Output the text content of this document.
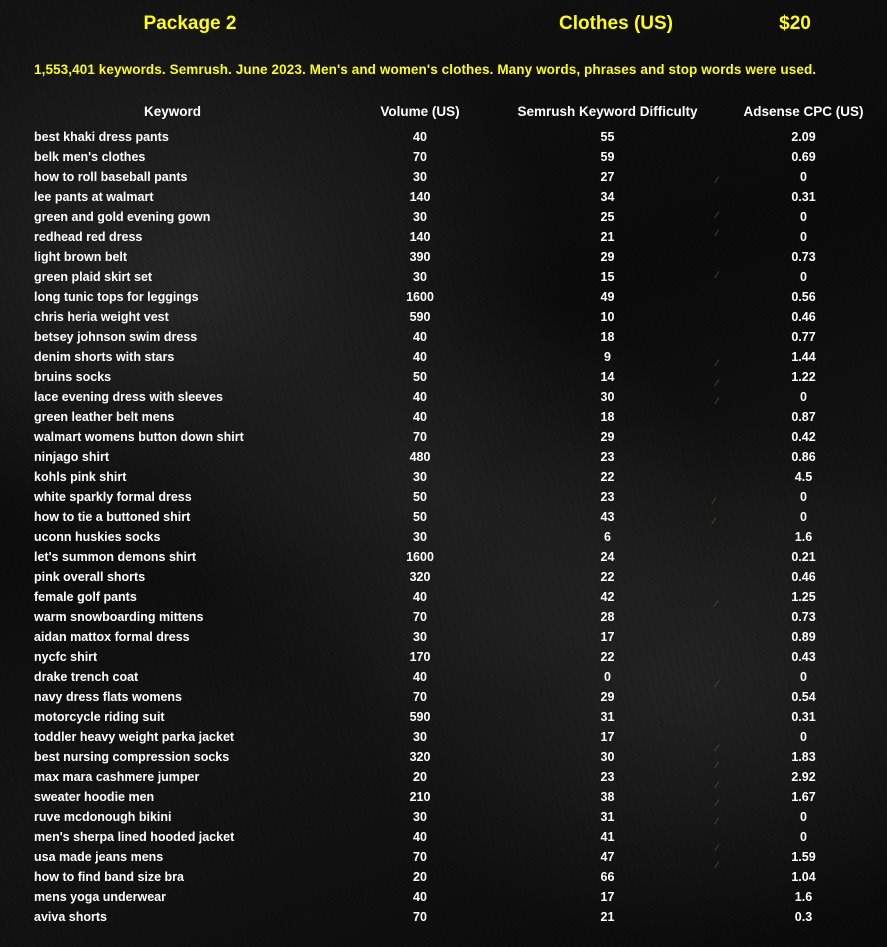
Package 2	Clothes (US)	$20
1,553,401 keywords. Semrush. June 2023. Men's and women's clothes. Many words, phrases and stop words were used.
Keyword	Volume (US)	Semrush Keyword Difficulty	Adsense CPC (US)
best khaki dress pants	40	55	2.09
belk men's clothes	70	59	0.69
how to roll baseball pants	30	27	0
lee pants at walmart	140	34	0.31
green and gold evening gown	30	25	0
redhead red dress	140	21	0
light brown belt	390	29	0.73
green plaid skirt set	30	15	0
long tunic tops for leggings	1600	49	0.56
chris heria weight vest	590	10	0.46
betsey johnson swim dress	40	18	0.77
denim shorts with stars	40	9	1.44
bruins socks	50	14	1.22
lace evening dress with sleeves	40	30	0
green leather belt mens	40	18	0.87
walmart womens button down shirt	70	29	0.42
ninjago shirt	480	23	0.86
kohls pink shirt	30	22	4.5
white sparkly formal dress	50	23	0
how to tie a buttoned shirt	50	43	0
uconn huskies socks	30	6	1.6
let's summon demons shirt	1600	24	0.21
pink overall shorts	320	22	0.46
female golf pants	40	42	1.25
warm snowboarding mittens	70	28	0.73
aidan mattox formal dress	30	17	0.89
nycfc shirt	170	22	0.43
drake trench coat	40	0	0
navy dress flats womens	70	29	0.54
motorcycle riding suit	590	31	0.31
toddler heavy weight parka jacket	30	17	0
best nursing compression socks	320	30	1.83
max mara cashmere jumper	20	23	2.92
sweater hoodie men	210	38	1.67
ruve mcdonough bikini	30	31	0
men's sherpa lined hooded jacket	40	41	0
usa made jeans mens	70	47	1.59
how to find band size bra	20	66	1.04
mens yoga underwear	40	17	1.6
aviva shorts	70	21	0.3
⁄
⁄
⁄
⁄
⁄
⁄
⁄
⁄
⁄
⁄
⁄
⁄
⁄
⁄
⁄
⁄
⁄
⁄
